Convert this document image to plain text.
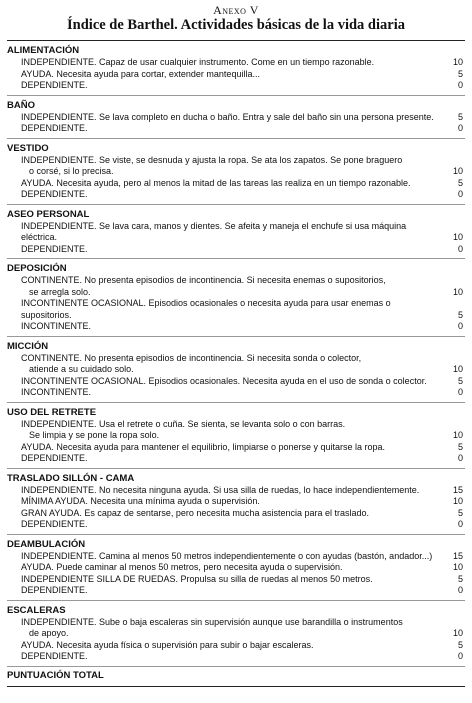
Anexo V
Índice de Barthel. Actividades básicas de la vida diaria
ALIMENTACIÓN
INDEPENDIENTE. Capaz de usar cualquier instrumento. Come en un tiempo razonable.	10
AYUDA. Necesita ayuda para cortar, extender mantequilla...	5
DEPENDIENTE.	0
BAÑO
INDEPENDIENTE. Se lava completo en ducha o baño. Entra y sale del baño sin una persona presente.	5
DEPENDIENTE.	0
VESTIDO
INDEPENDIENTE. Se viste, se desnuda y ajusta la ropa. Se ata los zapatos. Se pone braguero
o corsé, si lo precisa.	10
AYUDA. Necesita ayuda, pero al menos la mitad de las tareas las realiza en un tiempo razonable.	5
DEPENDIENTE.	0
ASEO PERSONAL
INDEPENDIENTE. Se lava cara, manos y dientes. Se afeita y maneja el enchufe si usa máquina eléctrica.	10
DEPENDIENTE.	0
DEPOSICIÓN
CONTINENTE. No presenta episodios de incontinencia. Si necesita enemas o supositorios,
se arregla solo.	10
INCONTINENTE OCASIONAL. Episodios ocasionales o necesita ayuda para usar enemas o supositorios.	5
INCONTINENTE.	0
MICCIÓN
CONTINENTE. No presenta episodios de incontinencia. Si necesita sonda o colector,
atiende a su cuidado solo.	10
INCONTINENTE OCASIONAL. Episodios ocasionales. Necesita ayuda en el uso de sonda o colector.	5
INCONTINENTE.	0
USO DEL RETRETE
INDEPENDIENTE. Usa el retrete o cuña. Se sienta, se levanta solo o con barras.
Se limpia y se pone la ropa solo.	10
AYUDA. Necesita ayuda para mantener el equilibrio, limpiarse o ponerse y quitarse la ropa.	5
DEPENDIENTE.	0
TRASLADO SILLÓN - CAMA
INDEPENDIENTE. No necesita ninguna ayuda. Si usa silla de ruedas, lo hace independientemente.	15
MÍNIMA AYUDA. Necesita una mínima ayuda o supervisión.	10
GRAN AYUDA. Es capaz de sentarse, pero necesita mucha asistencia para el traslado.	5
DEPENDIENTE.	0
DEAMBULACIÓN
INDEPENDIENTE. Camina al menos 50 metros independientemente o con ayudas (bastón, andador...)	15
AYUDA. Puede caminar al menos 50 metros, pero necesita ayuda o supervisión.	10
INDEPENDIENTE SILLA DE RUEDAS. Propulsa su silla de ruedas al menos 50 metros.	5
DEPENDIENTE.	0
ESCALERAS
INDEPENDIENTE. Sube o baja escaleras sin supervisión aunque use barandilla o instrumentos
de apoyo.	10
AYUDA. Necesita ayuda física o supervisión para subir o bajar escaleras.	5
DEPENDIENTE.	0
PUNTUACIÓN TOTAL
